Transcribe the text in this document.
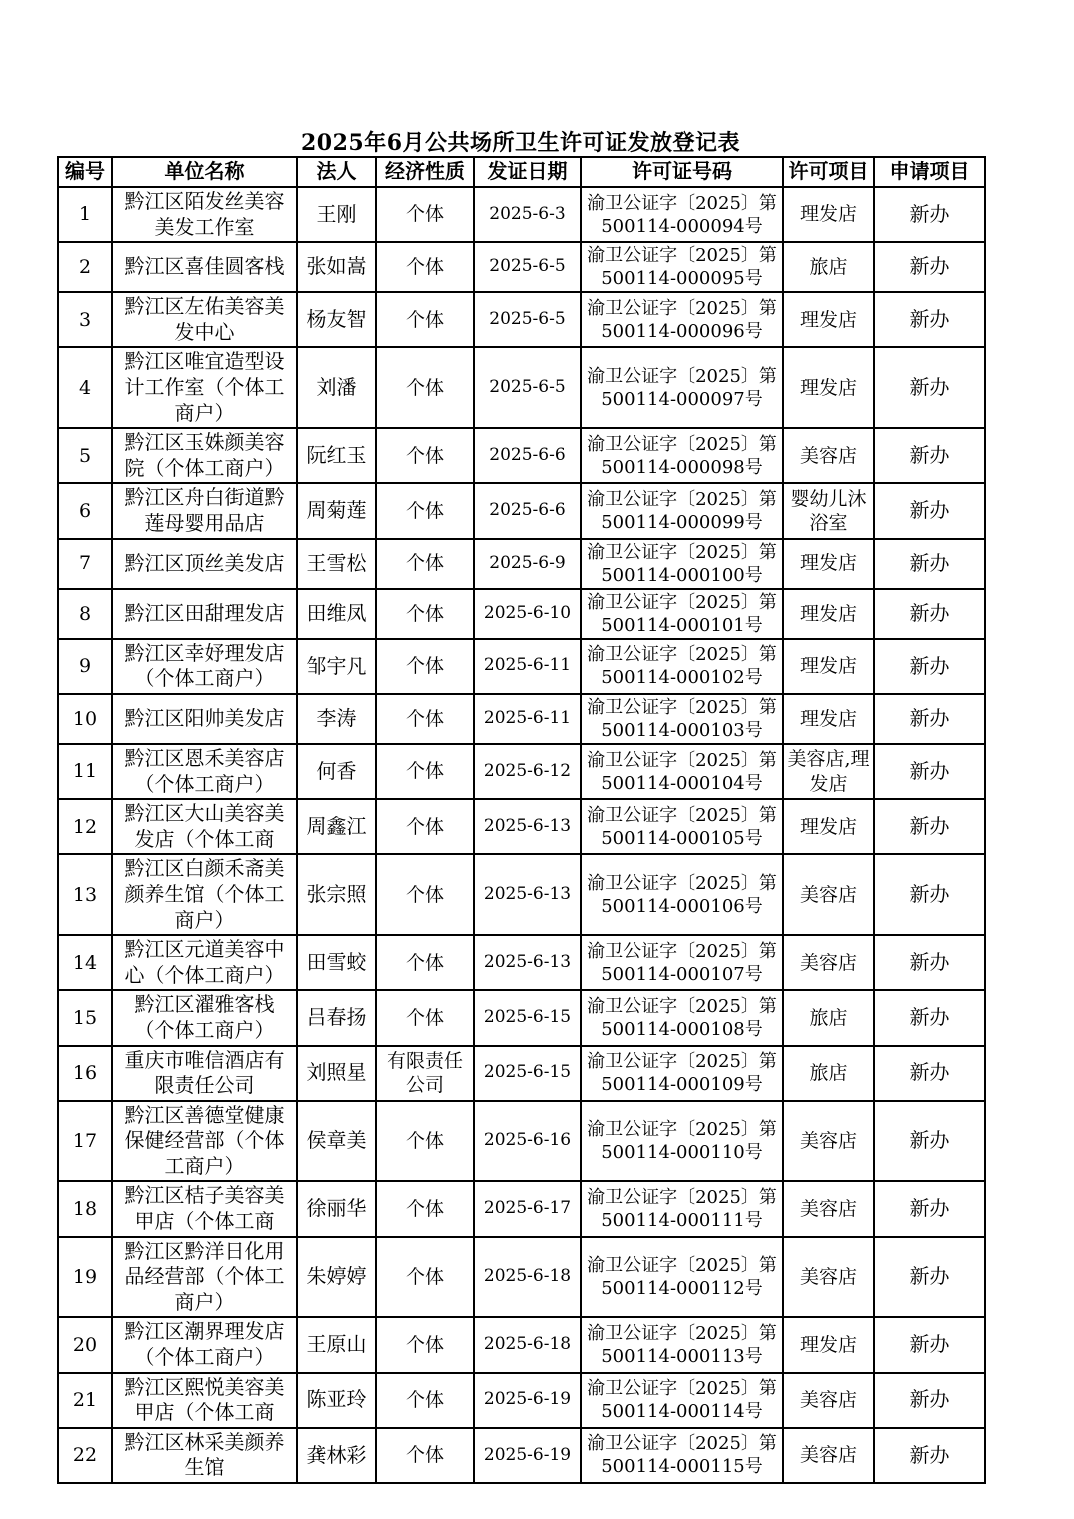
2025年6月公共场所卫生许可证发放登记表
编号	单位名称	法人	经济性质	发证日期	许可证号码	许可项目	申请项目
1	黔江区陌发丝美容美发工作室	王刚	个体	2025-6-3	渝卫公证字〔2025〕第500114-000094号	理发店	新办
2	黔江区喜佳圆客栈	张如嵩	个体	2025-6-5	渝卫公证字〔2025〕第500114-000095号	旅店	新办
3	黔江区左佑美容美发中心	杨友智	个体	2025-6-5	渝卫公证字〔2025〕第500114-000096号	理发店	新办
4	黔江区唯宜造型设计工作室（个体工商户）	刘潘	个体	2025-6-5	渝卫公证字〔2025〕第500114-000097号	理发店	新办
5	黔江区玉姝颜美容院（个体工商户）	阮红玉	个体	2025-6-6	渝卫公证字〔2025〕第500114-000098号	美容店	新办
6	黔江区舟白街道黔莲母婴用品店	周菊莲	个体	2025-6-6	渝卫公证字〔2025〕第500114-000099号	婴幼儿沐浴室	新办
7	黔江区顶丝美发店	王雪松	个体	2025-6-9	渝卫公证字〔2025〕第500114-000100号	理发店	新办
8	黔江区田甜理发店	田维凤	个体	2025-6-10	渝卫公证字〔2025〕第500114-000101号	理发店	新办
9	黔江区幸妤理发店（个体工商户）	邹宇凡	个体	2025-6-11	渝卫公证字〔2025〕第500114-000102号	理发店	新办
10	黔江区阳帅美发店	李涛	个体	2025-6-11	渝卫公证字〔2025〕第500114-000103号	理发店	新办
11	黔江区恩禾美容店（个体工商户）	何香	个体	2025-6-12	渝卫公证字〔2025〕第500114-000104号	美容店,理发店	新办
12	黔江区大山美容美发店（个体工商	周鑫江	个体	2025-6-13	渝卫公证字〔2025〕第500114-000105号	理发店	新办
13	黔江区白颜禾斋美颜养生馆（个体工商户）	张宗照	个体	2025-6-13	渝卫公证字〔2025〕第500114-000106号	美容店	新办
14	黔江区元道美容中心（个体工商户）	田雪蛟	个体	2025-6-13	渝卫公证字〔2025〕第500114-000107号	美容店	新办
15	黔江区濯雅客栈（个体工商户）	吕春扬	个体	2025-6-15	渝卫公证字〔2025〕第500114-000108号	旅店	新办
16	重庆市唯信酒店有限责任公司	刘照星	有限责任公司	2025-6-15	渝卫公证字〔2025〕第500114-000109号	旅店	新办
17	黔江区善德堂健康保健经营部（个体工商户）	侯章美	个体	2025-6-16	渝卫公证字〔2025〕第500114-000110号	美容店	新办
18	黔江区桔子美容美甲店（个体工商	徐丽华	个体	2025-6-17	渝卫公证字〔2025〕第500114-000111号	美容店	新办
19	黔江区黔洋日化用品经营部（个体工商户）	朱婷婷	个体	2025-6-18	渝卫公证字〔2025〕第500114-000112号	美容店	新办
20	黔江区潮界理发店（个体工商户）	王原山	个体	2025-6-18	渝卫公证字〔2025〕第500114-000113号	理发店	新办
21	黔江区熙悦美容美甲店（个体工商	陈亚玲	个体	2025-6-19	渝卫公证字〔2025〕第500114-000114号	美容店	新办
22	黔江区林采美颜养生馆	龚林彩	个体	2025-6-19	渝卫公证字〔2025〕第500114-000115号	美容店	新办
